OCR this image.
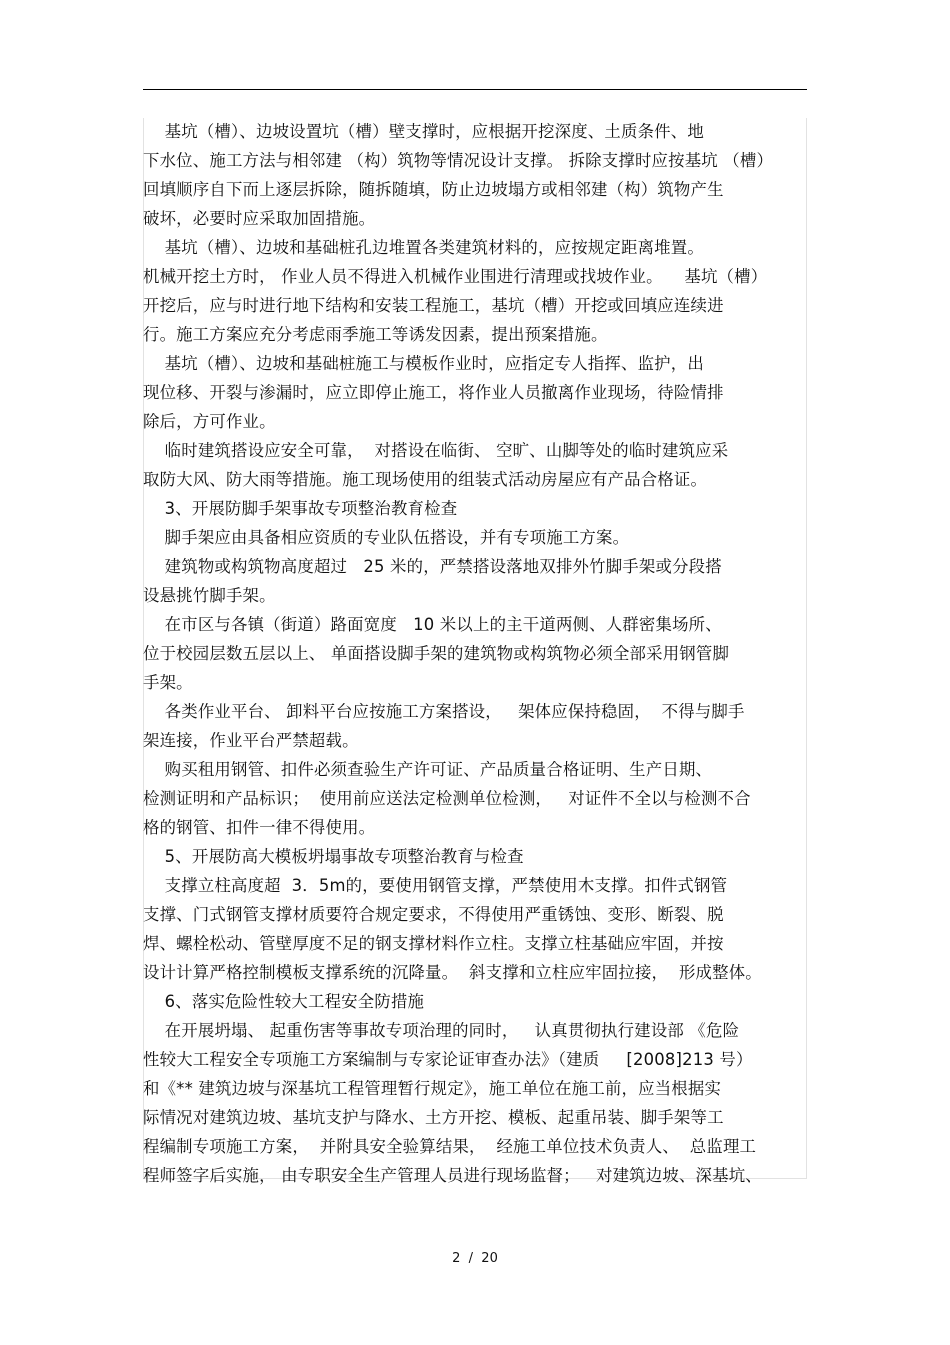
基坑（槽）、边坡设置坑（槽）壁支撑时，应根据开挖深度、土质条件、地
下水位、施工方法与相邻建 （构）筑物等情况设计支撑。 拆除支撑时应按基坑 （槽）
回填顺序自下而上逐层拆除，随拆随填，防止边坡塌方或相邻建（构）筑物产生
破坏，必要时应采取加固措施。
基坑（槽）、边坡和基础桩孔边堆置各类建筑材料的，应按规定距离堆置。
机械开挖土方时， 作业人员不得进入机械作业围进行清理或找坡作业。    基坑（槽）
开挖后，应与时进行地下结构和安装工程施工，基坑（槽）开挖或回填应连续进
行。施工方案应充分考虑雨季施工等诱发因素，提出预案措施。
基坑（槽）、边坡和基础桩施工与模板作业时，应指定专人指挥、监护，出
现位移、开裂与渗漏时，应立即停止施工，将作业人员撤离作业现场，待险情排
除后，方可作业。
临时建筑搭设应安全可靠，  对搭设在临街、 空旷、山脚等处的临时建筑应采
取防大风、防大雨等措施。施工现场使用的组装式活动房屋应有产品合格证。
3、开展防脚手架事故专项整治教育检查
脚手架应由具备相应资质的专业队伍搭设，并有专项施工方案。
建筑物或构筑物高度超过   25 米的，严禁搭设落地双排外竹脚手架或分段搭
设悬挑竹脚手架。
在市区与各镇（街道）路面宽度   10 米以上的主干道两侧、人群密集场所、
位于校园层数五层以上、 单面搭设脚手架的建筑物或构筑物必须全部采用钢管脚
手架。
各类作业平台、 卸料平台应按施工方案搭设，   架体应保持稳固，  不得与脚手
架连接，作业平台严禁超载。
购买租用钢管、扣件必须查验生产许可证、产品质量合格证明、生产日期、
检测证明和产品标识；  使用前应送法定检测单位检测，   对证件不全以与检测不合
格的钢管、扣件一律不得使用。
5、开展防高大模板坍塌事故专项整治教育与检查
支撑立柱高度超  3．5m的，要使用钢管支撑，严禁使用木支撑。扣件式钢管
支撑、门式钢管支撑材质要符合规定要求，不得使用严重锈蚀、变形、断裂、脱
焊、螺栓松动、管壁厚度不足的钢支撑材料作立柱。支撑立柱基础应牢固，并按
设计计算严格控制模板支撑系统的沉降量。  斜支撑和立柱应牢固拉接，  形成整体。
6、落实危险性较大工程安全防措施
在开展坍塌、 起重伤害等事故专项治理的同时，   认真贯彻执行建设部 《危险
性较大工程安全专项施工方案编制与专家论证审查办法》（建质     [2008]213 号）
和《** 建筑边坡与深基坑工程管理暂行规定》，施工单位在施工前，应当根据实
际情况对建筑边坡、基坑支护与降水、土方开挖、模板、起重吊装、脚手架等工
程编制专项施工方案，  并附具安全验算结果，  经施工单位技术负责人、  总监理工
程师签字后实施， 由专职安全生产管理人员进行现场监督；   对建筑边坡、深基坑、
2  /  20
